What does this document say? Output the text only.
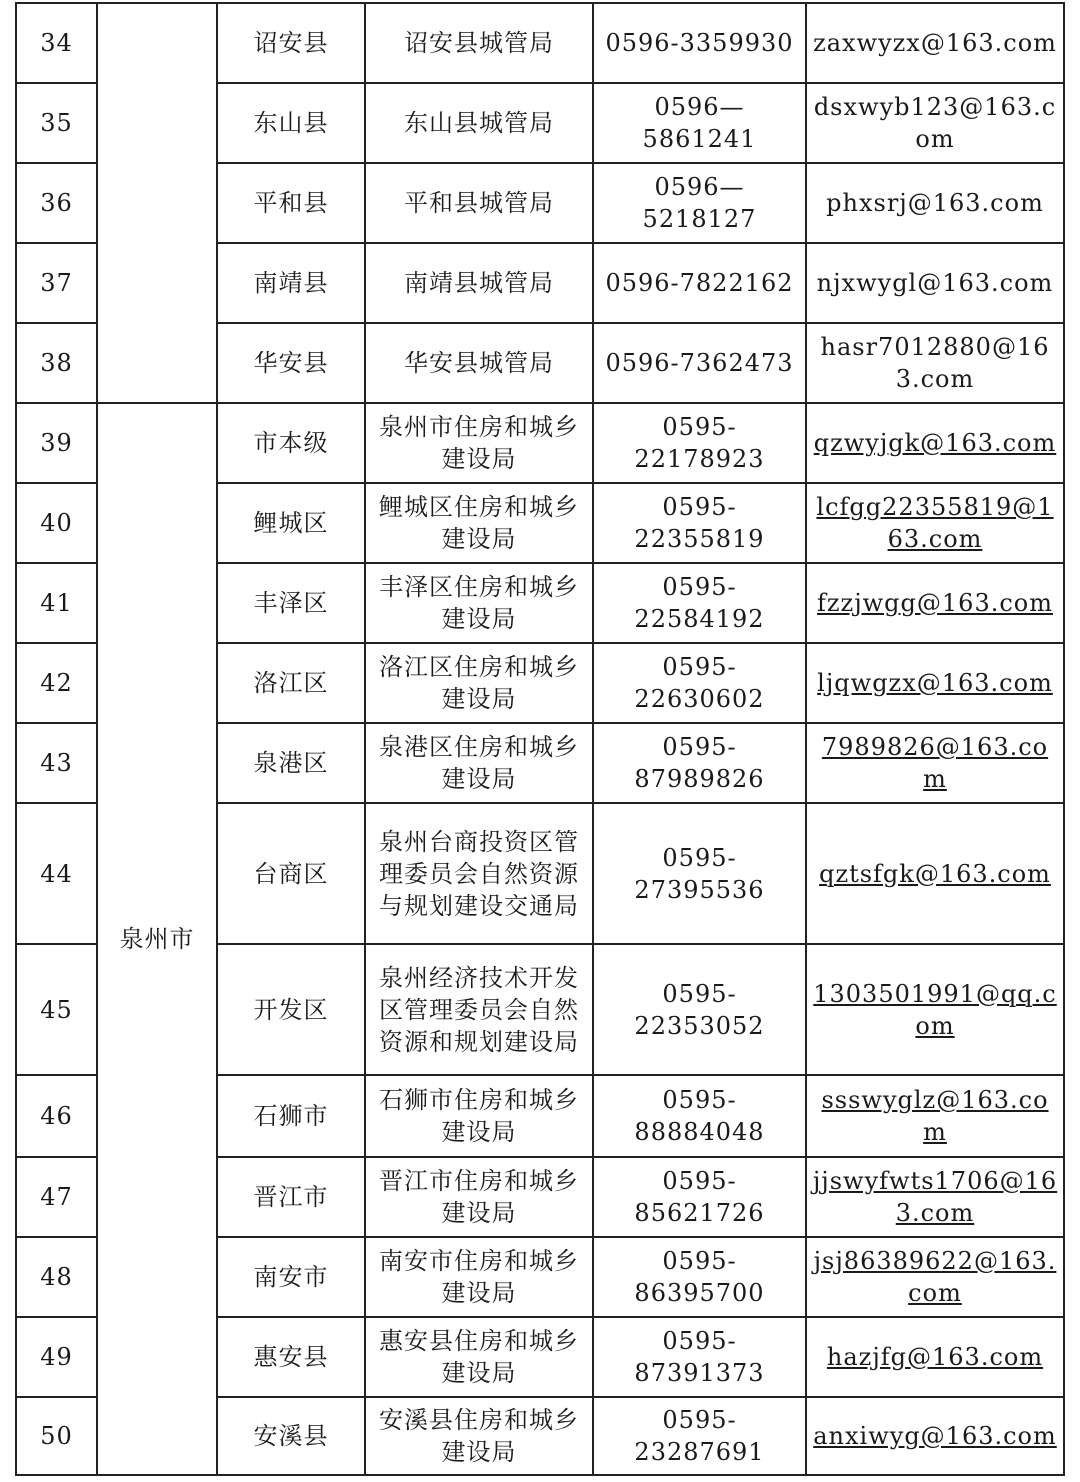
34		诏安县	诏安县城管局	0596-3359930	zaxwyzx@163.com
35		东山县	东山县城管局	0596—5861241	dsxwyb123@163.com
36		平和县	平和县城管局	0596—5218127	phxsrj@163.com
37		南靖县	南靖县城管局	0596-7822162	njxwygl@163.com
38		华安县	华安县城管局	0596-7362473	hasr7012880@163.com
39	泉州市	市本级	泉州市住房和城乡建设局	0595-22178923	qzwyjgk@163.com
40		鲤城区	鲤城区住房和城乡建设局	0595-22355819	lcfgg22355819@163.com
41		丰泽区	丰泽区住房和城乡建设局	0595-22584192	fzzjwgg@163.com
42		洛江区	洛江区住房和城乡建设局	0595-22630602	ljqwgzx@163.com
43		泉港区	泉港区住房和城乡建设局	0595-87989826	7989826@163.com
44		台商区	泉州台商投资区管理委员会自然资源与规划建设交通局	0595-27395536	qztsfgk@163.com
45		开发区	泉州经济技术开发区管理委员会自然资源和规划建设局	0595-22353052	1303501991@qq.com
46		石狮市	石狮市住房和城乡建设局	0595-88884048	ssswyglz@163.com
47		晋江市	晋江市住房和城乡建设局	0595-85621726	jjswyfwts1706@163.com
48		南安市	南安市住房和城乡建设局	0595-86395700	jsj86389622@163.com
49		惠安县	惠安县住房和城乡建设局	0595-87391373	hazjfg@163.com
50		安溪县	安溪县住房和城乡建设局	0595-23287691	anxiwyg@163.com
